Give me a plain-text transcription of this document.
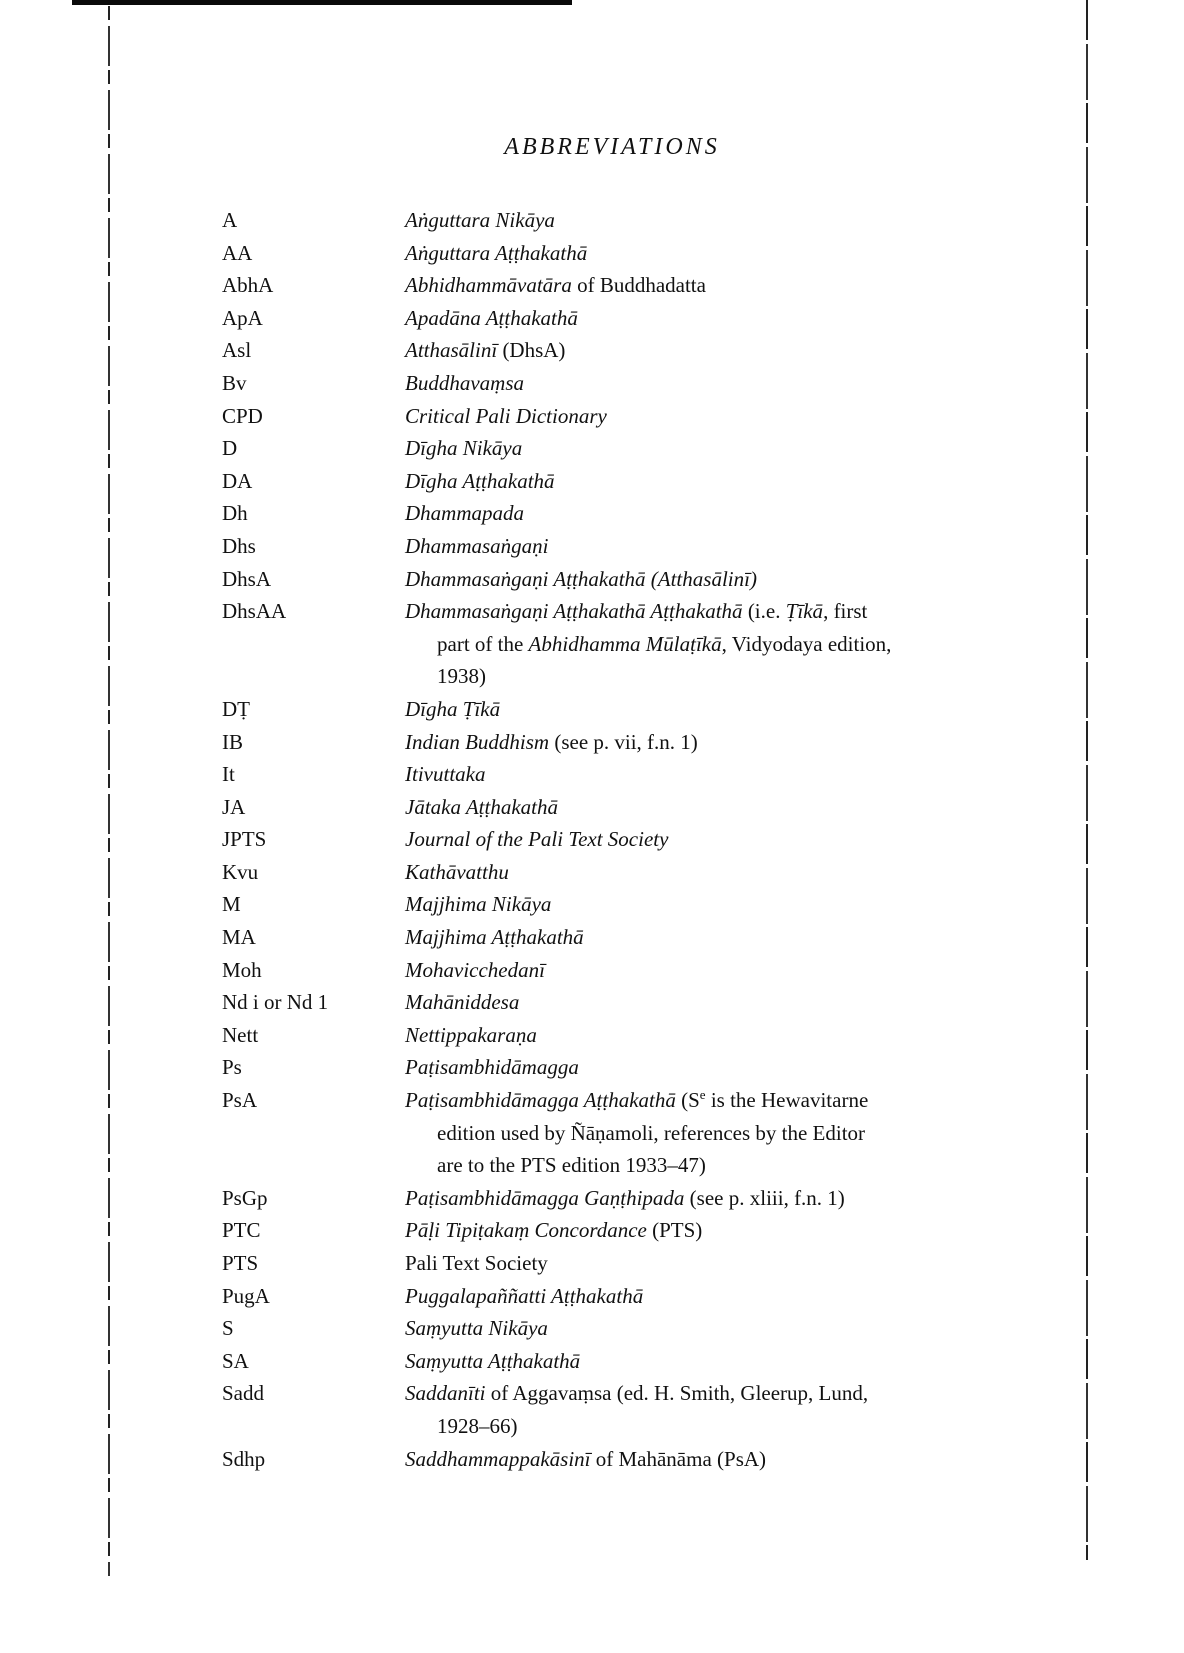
ABBREVIATIONS
A	Aṅguttara Nikāya
AA	Aṅguttara Aṭṭhakathā
AbhA	Abhidhammāvatāra of Buddhadatta
ApA	Apadāna Aṭṭhakathā
Asl	Atthasālinī (DhsA)
Bv	Buddhavaṃsa
CPD	Critical Pali Dictionary
D	Dīgha Nikāya
DA	Dīgha Aṭṭhakathā
Dh	Dhammapada
Dhs	Dhammasaṅgaṇi
DhsA	Dhammasaṅgaṇi Aṭṭhakathā (Atthasālinī)
DhsAA	Dhammasaṅgaṇi Aṭṭhakathā Aṭṭhakathā (i.e. Ṭīkā, first
part of the Abhidhamma Mūlaṭīkā, Vidyodaya edition,
1938)
DṬ	Dīgha Ṭīkā
IB	Indian Buddhism (see p. vii, f.n. 1)
It	Itivuttaka
JA	Jātaka Aṭṭhakathā
JPTS	Journal of the Pali Text Society
Kvu	Kathāvatthu
M	Majjhima Nikāya
MA	Majjhima Aṭṭhakathā
Moh	Mohavicchedanī
Nd i or Nd 1	Mahāniddesa
Nett	Nettippakaraṇa
Ps	Paṭisambhidāmagga
PsA	Paṭisambhidāmagga Aṭṭhakathā ($S^e$ is the Hewavitarne
edition used by Ñāṇamoli, references by the Editor
are to the PTS edition 1933–47)
PsGp	Paṭisambhidāmagga Gaṇṭhipada (see p. xliii, f.n. 1)
PTC	Pāḷi Tipiṭakaṃ Concordance (PTS)
PTS	Pali Text Society
PugA	Puggalapaññatti Aṭṭhakathā
S	Saṃyutta Nikāya
SA	Saṃyutta Aṭṭhakathā
Sadd	Saddanīti of Aggavaṃsa (ed. H. Smith, Gleerup, Lund,
1928–66)
Sdhp	Saddhammappakāsinī of Mahānāma (PsA)
